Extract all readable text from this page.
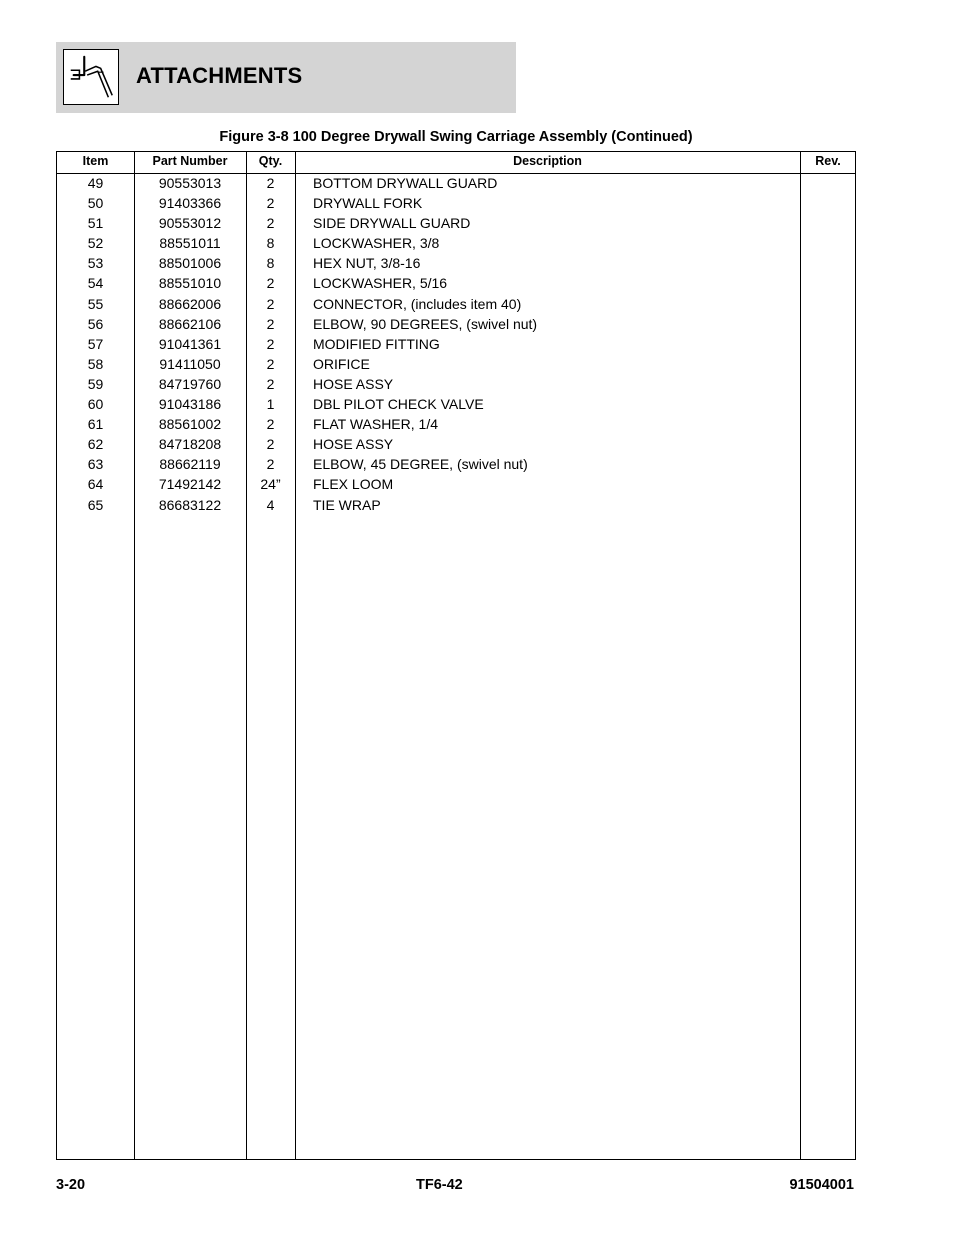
ATTACHMENTS
Figure 3-8 100 Degree Drywall Swing Carriage Assembly (Continued)
Item	Part Number	Qty.	Description	Rev.
49	90553013	2	BOTTOM DRYWALL GUARD
50	91403366	2	DRYWALL FORK
51	90553012	2	SIDE DRYWALL GUARD
52	88551011	8	LOCKWASHER, 3/8
53	88501006	8	HEX NUT, 3/8-16
54	88551010	2	LOCKWASHER, 5/16
55	88662006	2	CONNECTOR, (includes item 40)
56	88662106	2	ELBOW, 90 DEGREES, (swivel nut)
57	91041361	2	MODIFIED FITTING
58	91411050	2	ORIFICE
59	84719760	2	HOSE ASSY
60	91043186	1	DBL PILOT CHECK VALVE
61	88561002	2	FLAT WASHER, 1/4
62	84718208	2	HOSE ASSY
63	88662119	2	ELBOW, 45 DEGREE, (swivel nut)
64	71492142	24”	FLEX LOOM
65	86683122	4	TIE WRAP
3-20	TF6-42	91504001
